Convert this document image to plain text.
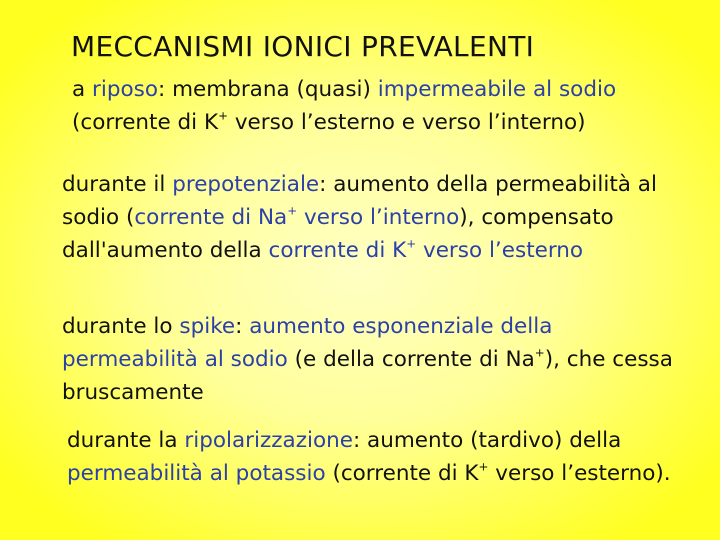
MECCANISMI IONICI PREVALENTI
a riposo: membrana (quasi) impermeabile al sodio (corrente di K+ verso l’esterno e verso l’interno)
durante il prepotenziale: aumento della permeabilità al sodio (corrente di Na+ verso l’interno), compensato dall'aumento della corrente di K+ verso l’esterno
durante lo spike: aumento esponenziale della permeabilità al sodio (e della corrente di Na+), che cessa bruscamente
durante la ripolarizzazione: aumento (tardivo) della permeabilità al potassio (corrente di K+ verso l’esterno).
